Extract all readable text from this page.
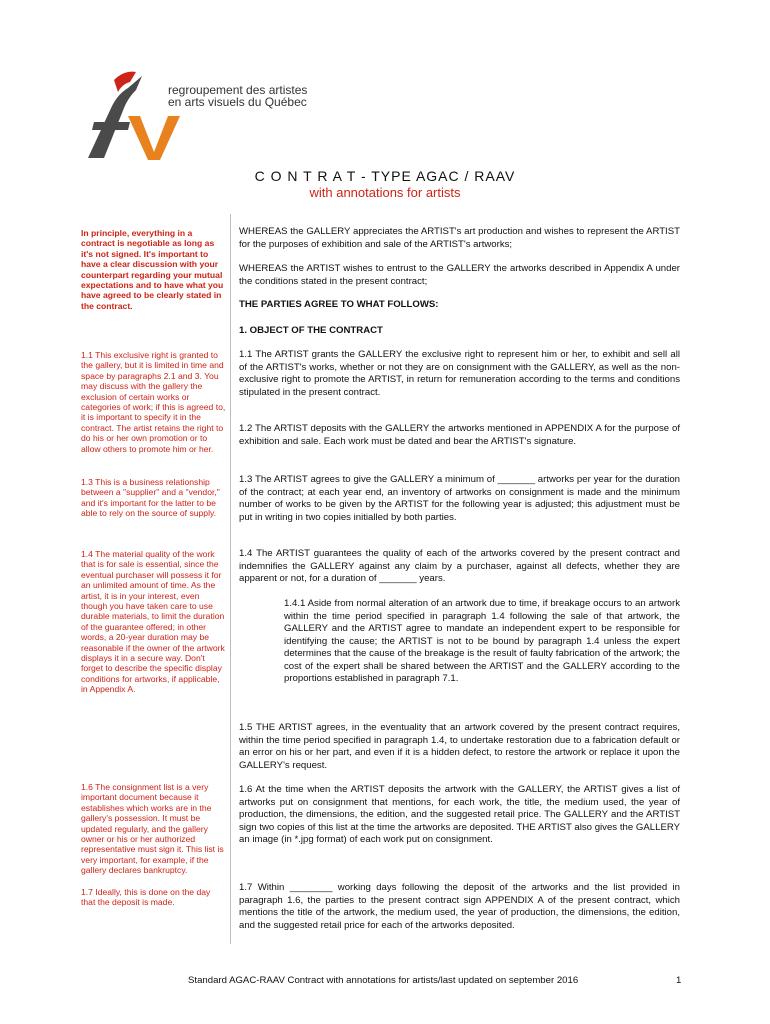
regroupement des artistes
en arts visuels du Québec
C O N T R A T - TYPE AGAC / RAAV
with annotations for artists
In principle, everything in a contract is negotiable as long as it's not signed. It's important to have a clear discussion with your counterpart regarding your mutual expectations and to have what you have agreed to be clearly stated in the contract.
1.1 This exclusive right is granted to the gallery, but it is limited in time and space by paragraphs 2.1 and 3. You may discuss with the gallery the exclusion of certain works or categories of work; if this is agreed to, it is important to specify it in the contract. The artist retains the right to do his or her own promotion or to allow others to promote him or her.
1.3 This is a business relationship between a "supplier" and a "vendor," and it's important for the latter to be able to rely on the source of supply.
1.4 The material quality of the work that is for sale is essential, since the eventual purchaser will possess it for an unlimited amount of time. As the artist, it is in your interest, even though you have taken care to use durable materials, to limit the duration of the guarantee offered; in other words, a 20-year duration may be reasonable if the owner of the artwork displays it in a secure way. Don't forget to describe the specific display conditions for artworks, if applicable, in Appendix A.
1.6 The consignment list is a very important document because it establishes which works are in the gallery's possession. It must be updated regularly, and the gallery owner or his or her authorized representative must sign it. This list is very important, for example, if the gallery declares bankruptcy.
1.7 Ideally, this is done on the day that the deposit is made.
WHEREAS the GALLERY appreciates the ARTIST's art production and wishes to represent the ARTIST for the purposes of exhibition and sale of the ARTIST's artworks;
WHEREAS the ARTIST wishes to entrust to the GALLERY the artworks described in Appendix A under the conditions stated in the present contract;
THE PARTIES AGREE TO WHAT FOLLOWS:
1. OBJECT OF THE CONTRACT
1.1 The ARTIST grants the GALLERY the exclusive right to represent him or her, to exhibit and sell all of the ARTIST's works, whether or not they are on consignment with the GALLERY, as well as the non-exclusive right to promote the ARTIST, in return for remuneration according to the terms and conditions stipulated in the present contract.
1.2 The ARTIST deposits with the GALLERY the artworks mentioned in APPENDIX A for the purpose of exhibition and sale. Each work must be dated and bear the ARTIST's signature.
1.3 The ARTIST agrees to give the GALLERY a minimum of _______ artworks per year for the duration of the contract; at each year end, an inventory of artworks on consignment is made and the minimum number of works to be given by the ARTIST for the following year is adjusted; this adjustment must be put in writing in two copies initialled by both parties.
1.4 The ARTIST guarantees the quality of each of the artworks covered by the present contract and indemnifies the GALLERY against any claim by a purchaser, against all defects, whether they are apparent or not, for a duration of _______ years.
1.4.1 Aside from normal alteration of an artwork due to time, if breakage occurs to an artwork within the time period specified in paragraph 1.4 following the sale of that artwork, the GALLERY and the ARTIST agree to mandate an independent expert to be responsible for identifying the cause; the ARTIST is not to be bound by paragraph 1.4 unless the expert determines that the cause of the breakage is the result of faulty fabrication of the artwork; the cost of the expert shall be shared between the ARTIST and the GALLERY according to the proportions established in paragraph 7.1.
1.5 THE ARTIST agrees, in the eventuality that an artwork covered by the present contract requires, within the time period specified in paragraph 1.4, to undertake restoration due to a fabrication default or an error on his or her part, and even if it is a hidden defect, to restore the artwork or replace it upon the GALLERY's request.
1.6 At the time when the ARTIST deposits the artwork with the GALLERY, the ARTIST gives a list of artworks put on consignment that mentions, for each work, the title, the medium used, the year of production, the dimensions, the edition, and the suggested retail price. The GALLERY and the ARTIST sign two copies of this list at the time the artworks are deposited. THE ARTIST also gives the GALLERY an image (in *.jpg format) of each work put on consignment.
1.7 Within ________ working days following the deposit of the artworks and the list provided in paragraph 1.6, the parties to the present contract sign APPENDIX A of the present contract, which mentions the title of the artwork, the medium used, the year of production, the dimensions, the edition, and the suggested retail price for each of the artworks deposited.
Standard AGAC-RAAV Contract with annotations for artists/last updated on september 2016	1
